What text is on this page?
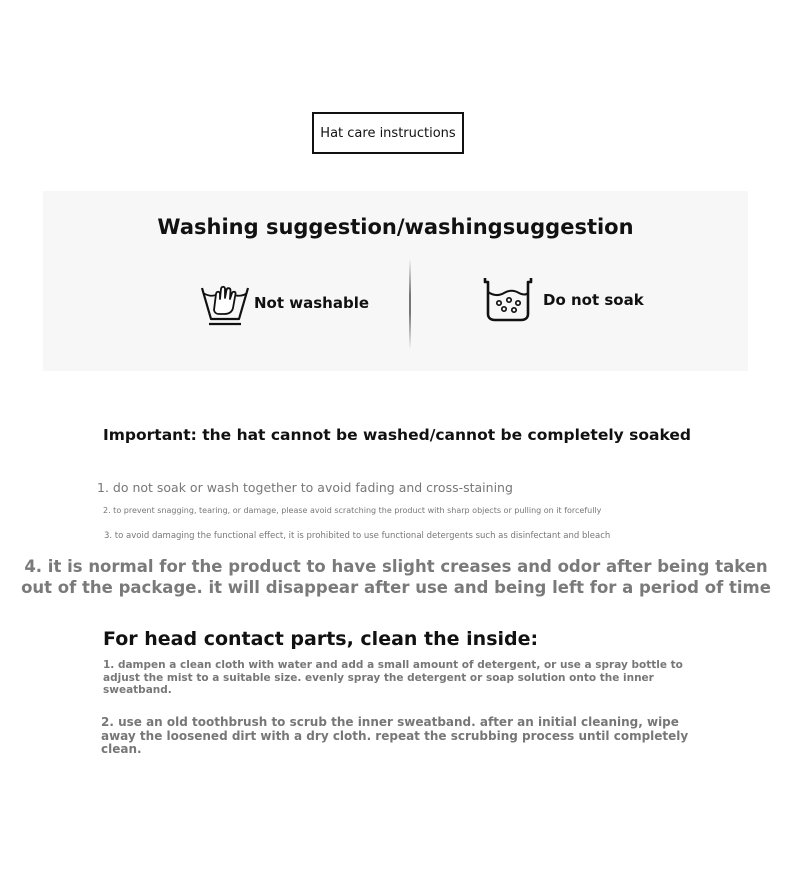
Hat care instructions
Washing suggestion/washingsuggestion
Not washable	Do not soak
Important: the hat cannot be washed/cannot be completely soaked
1. do not soak or wash together to avoid fading and cross-staining
2. to prevent snagging, tearing, or damage, please avoid scratching the product with sharp objects or pulling on it forcefully
3. to avoid damaging the functional effect, it is prohibited to use functional detergents such as disinfectant and bleach
4. it is normal for the product to have slight creases and odor after being taken out of the package. it will disappear after use and being left for a period of time
For head contact parts, clean the inside:
1. dampen a clean cloth with water and add a small amount of detergent, or use a spray bottle to adjust the mist to a suitable size. evenly spray the detergent or soap solution onto the inner sweatband.
2. use an old toothbrush to scrub the inner sweatband. after an initial cleaning, wipe away the loosened dirt with a dry cloth. repeat the scrubbing process until completely clean.
